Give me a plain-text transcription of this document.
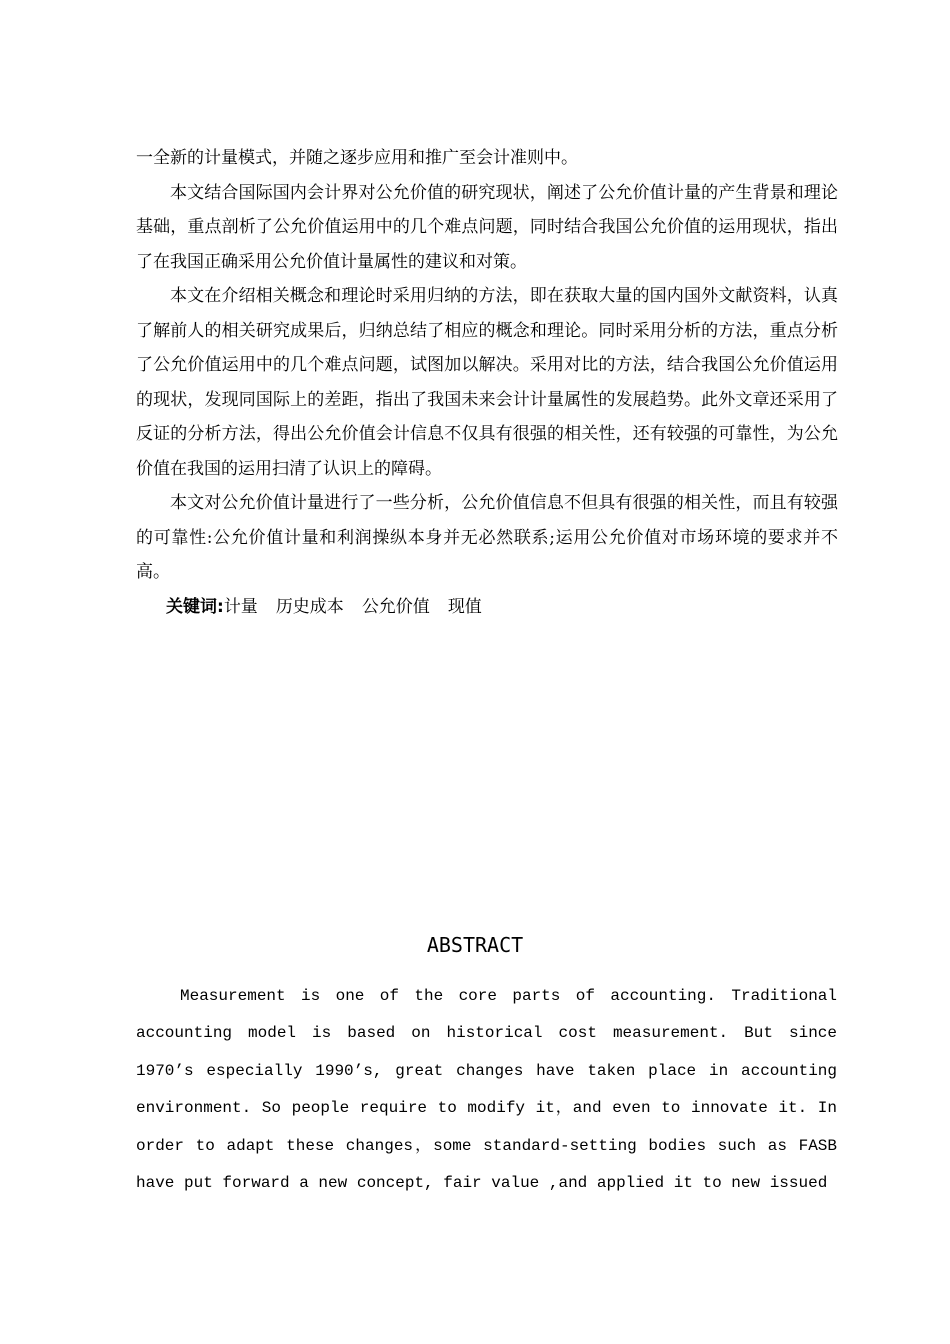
一全新的计量模式，并随之逐步应用和推广至会计准则中。

本文结合国际国内会计界对公允价值的研究现状，阐述了公允价值计量的产生背景和理论基础，重点剖析了公允价值运用中的几个难点问题，同时结合我国公允价值的运用现状，指出了在我国正确采用公允价值计量属性的建议和对策。

本文在介绍相关概念和理论时采用归纳的方法，即在获取大量的国内国外文献资料，认真了解前人的相关研究成果后，归纳总结了相应的概念和理论。同时采用分析的方法，重点分析了公允价值运用中的几个难点问题，试图加以解决。采用对比的方法，结合我国公允价值运用的现状，发现同国际上的差距，指出了我国未来会计计量属性的发展趋势。此外文章还采用了反证的分析方法，得出公允价值会计信息不仅具有很强的相关性，还有较强的可靠性，为公允价值在我国的运用扫清了认识上的障碍。

本文对公允价值计量进行了一些分析，公允价值信息不但具有很强的相关性，而且有较强的可靠性:公允价值计量和利润操纵本身并无必然联系;运用公允价值对市场环境的要求并不高。

关键词:计量 历史成本 公允价值 现值

ABSTRACT

Measurement is one of the core parts of accounting. Traditional accounting model is based on historical cost measurement. But since 1970’s especially 1990’s, great changes have taken place in accounting environment. So people require to modify it，and even to innovate it. In order to adapt these changes，some standard-setting bodies such as FASB have put forward a new concept, fair value ,and applied it to new issued
